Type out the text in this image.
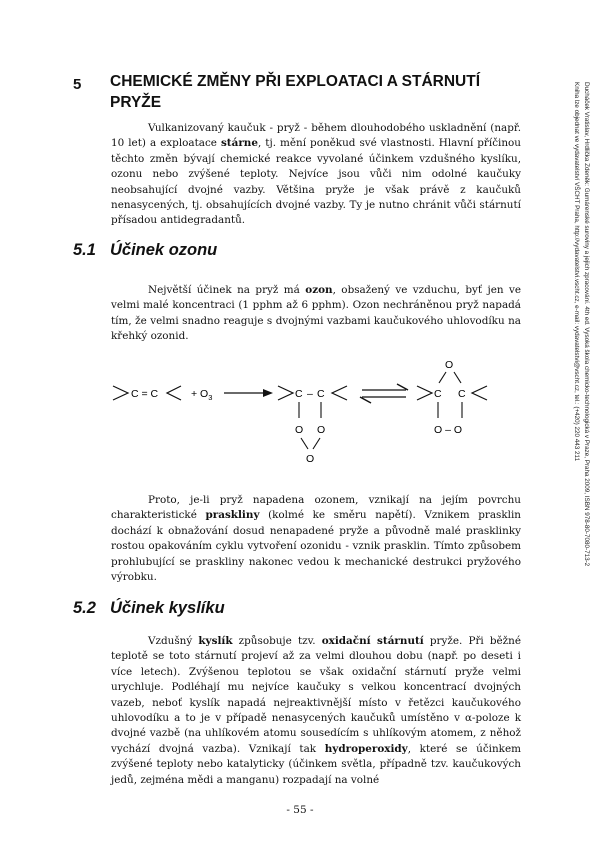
5 CHEMICKÉ ZMĚNY PŘI EXPLOATACI A STÁRNUTÍ PRYŽE

Vulkanizovaný kaučuk - pryž - během dlouhodobého uskladnění (např. 10 let) a exploatace stárne, tj. mění poněkud své vlastnosti. Hlavní příčinou těchto změn bývají chemické reakce vyvolané účinkem vzdušného kyslíku, ozonu nebo zvýšené teploty. Nejvíce jsou vůči nim odolné kaučuky neobsahující dvojné vazby. Většina pryže je však právě z kaučuků nenasycených, tj. obsahujících dvojné vazby. Ty je nutno chránit vůči stárnutí přísadou antidegradantů.

5.1 Účinek ozonu

Největší účinek na pryž má ozon, obsažený ve vzduchu, byť jen ve velmi malé koncentraci (1 pphm až 6 pphm). Ozon nechráněnou pryž napadá tím, že velmi snadno reaguje s dvojnými vazbami kaučukového uhlovodíku na křehký ozonid.

C = C	+ $O_3$	C – C
O O
O
C C
O
O – O

Proto, je-li pryž napadena ozonem, vznikají na jejím povrchu charakteristické praskliny (kolmé ke směru napětí). Vznikem prasklin dochází k obnažování dosud nenapadené pryže a původně malé prasklinky rostou opakováním cyklu vytvoření ozonidu - vznik prasklin. Tímto způsobem prohlubující se praskliny nakonec vedou k mechanické destrukci pryžového výrobku.

5.2 Účinek kyslíku

Vzdušný kyslík způsobuje tzv. oxidační stárnutí pryže. Při běžné teplotě se toto stárnutí projeví až za velmi dlouhou dobu (např. po deseti i více letech). Zvýšenou teplotou se však oxidační stárnutí pryže velmi urychluje. Podléhají mu nejvíce kaučuky s velkou koncentrací dvojných vazeb, neboť kyslík napadá nejreaktivnější místo v řetězci kaučukového uhlovodíku a to je v případě nenasycených kaučuků umístěno v α-poloze k dvojné vazbě (na uhlíkovém atomu sousedícím s uhlíkovým atomem, z něhož vychází dvojná vazba). Vznikají tak hydroperoxidy, které se účinkem zvýšené teploty nebo katalyticky (účinkem světla, případně tzv. kaučukových jedů, zejména mědi a manganu) rozpadají na volné

- 55 -
Ducháček Vratislav, Hrdlička Zdeněk: Gumárenské suroviny a jejich zpracování. 4th ed. Vysoká škola chemicko-technologická v Praze, Praha 2009, ISBN 978-80-7080-713-2
Kniha lze objednat ve vydavatelství VŠCHT Praha, http://vydavatelstvi.vscht.cz, e-mail: vydavatelstvi@vscht.cz, tel.: (+420) 220 443 211
